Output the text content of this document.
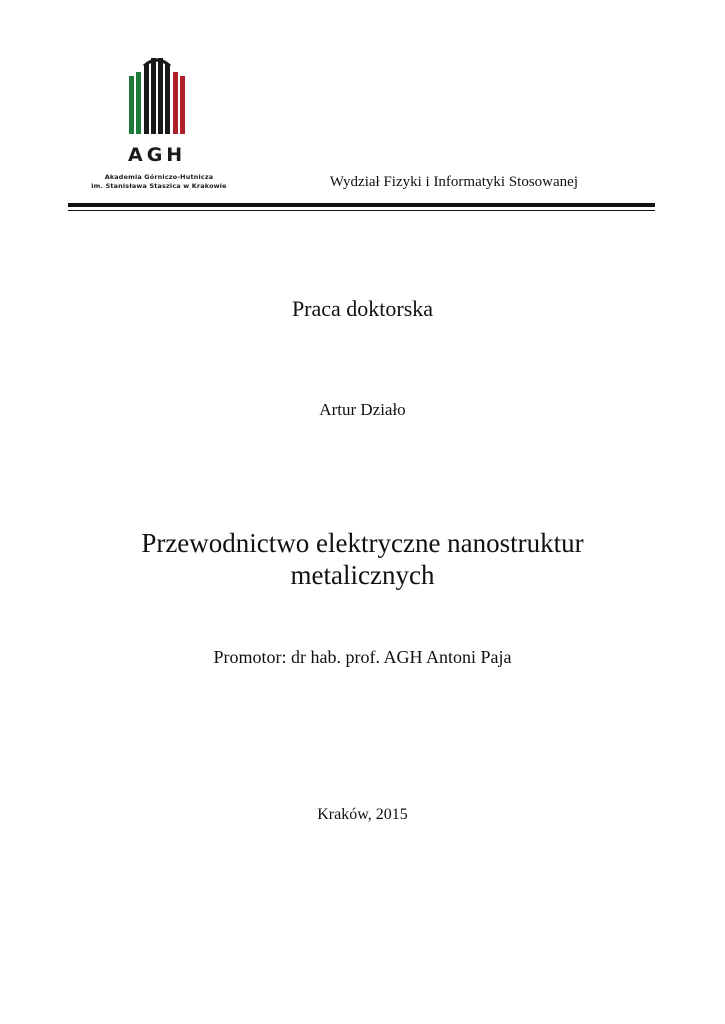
AGH
Akademia Górniczo-Hutnicza
im. Stanisława Staszica w Krakowie	Wydział Fizyki i Informatyki Stosowanej
Praca doktorska
Artur Działo
Przewodnictwo elektryczne nanostruktur
metalicznych
Promotor: dr hab. prof. AGH Antoni Paja
Kraków, 2015
